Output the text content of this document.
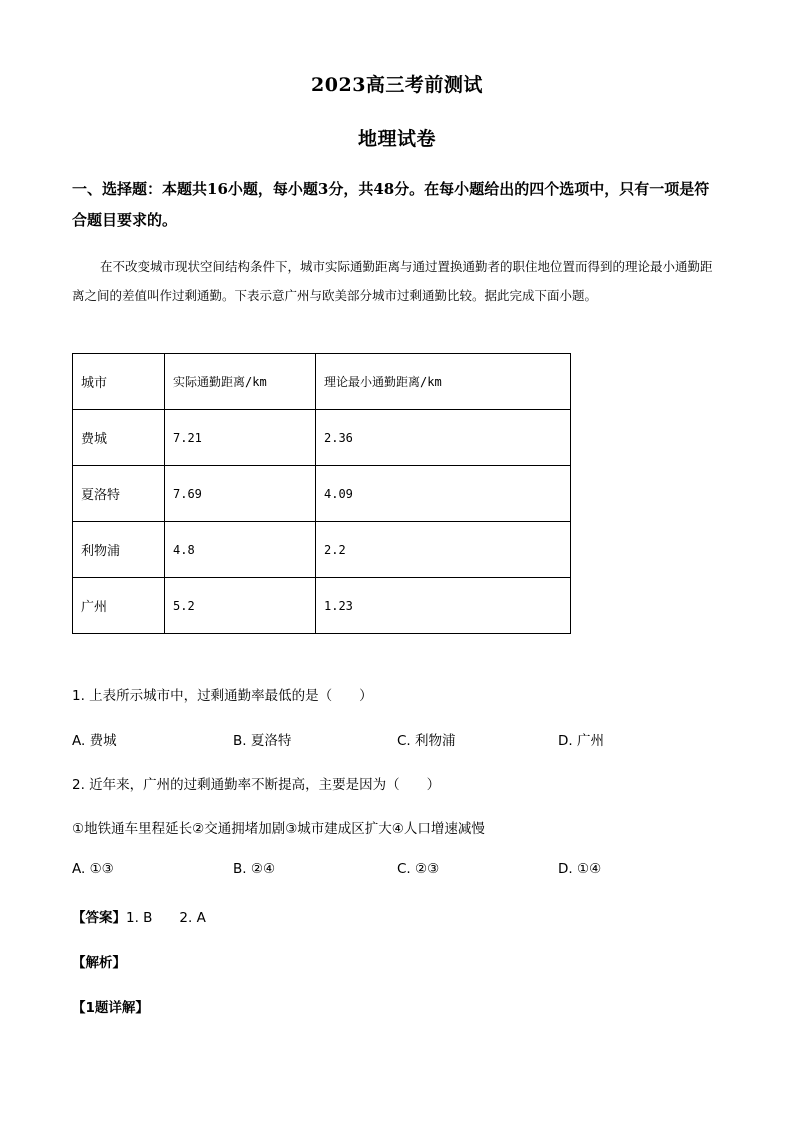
2023高三考前测试
地理试卷
一、选择题：本题共16小题，每小题3分，共48分。在每小题给出的四个选项中，只有一项是符合题目要求的。
在不改变城市现状空间结构条件下，城市实际通勤距离与通过置换通勤者的职住地位置而得到的理论最小通勤距离之间的差值叫作过剩通勤。下表示意广州与欧美部分城市过剩通勤比较。据此完成下面小题。
城市	实际通勤距离/km	理论最小通勤距离/km
费城	7.21	2.36
夏洛特	7.69	4.09
利物浦	4.8	2.2
广州	5.2	1.23
1. 上表所示城市中，过剩通勤率最低的是（　　）
A. 费城	B. 夏洛特	C. 利物浦	D. 广州
2. 近年来，广州的过剩通勤率不断提高，主要是因为（　　）
①地铁通车里程延长②交通拥堵加剧③城市建成区扩大④人口增速减慢
A. ①③	B. ②④	C. ②③	D. ①④
【答案】1. B　　2. A
【解析】
【1题详解】
